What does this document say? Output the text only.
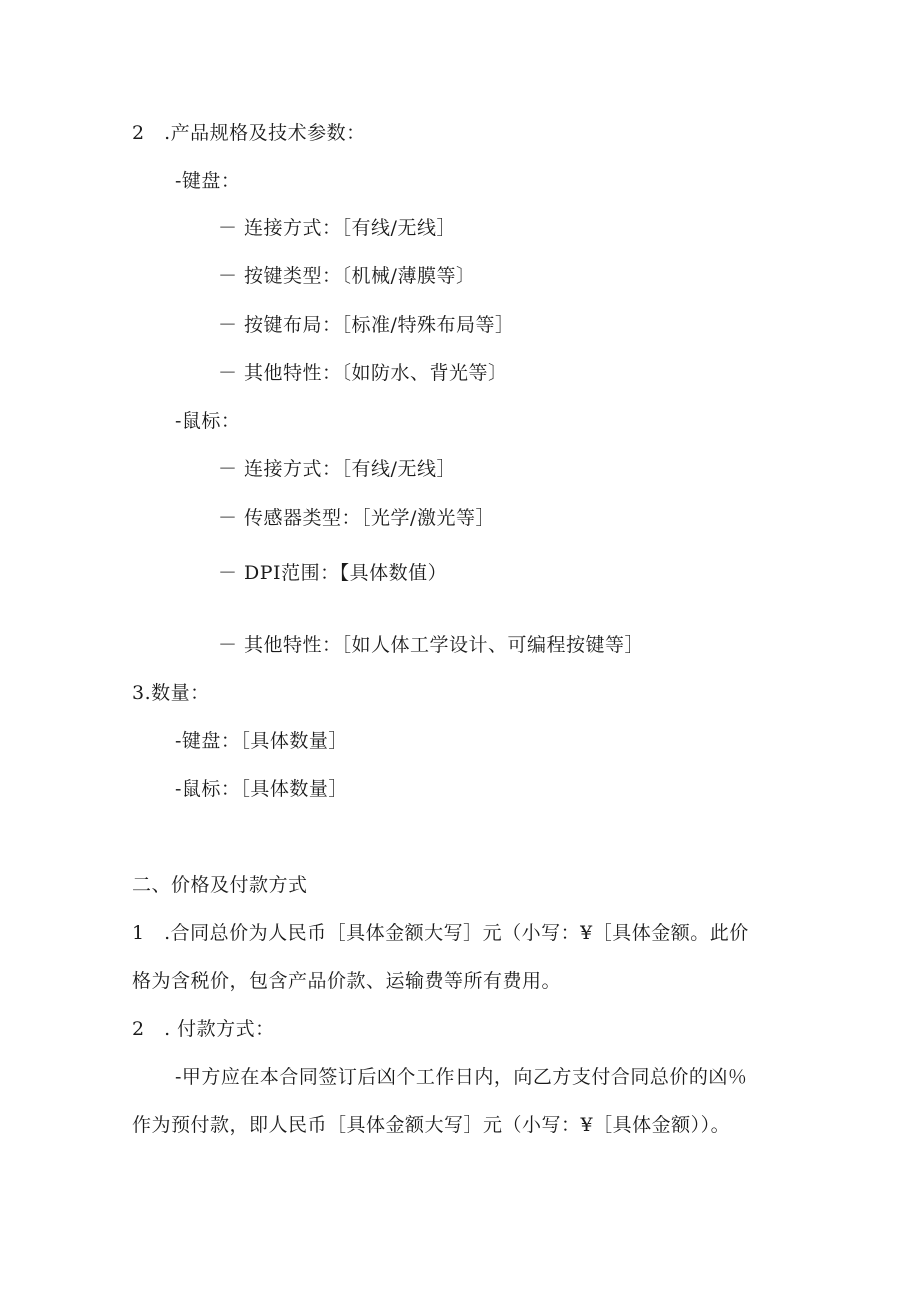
2　.产品规格及技术参数：
-键盘：
－ 连接方式：［有线/无线］
－ 按键类型：〔机械/薄膜等〕
－ 按键布局：［标准/特殊布局等］
－ 其他特性：〔如防水、背光等〕
-鼠标：
－ 连接方式：［有线/无线］
－ 传感器类型：［光学/激光等］
－ DPI范围：【具体数值）
－ 其他特性：［如人体工学设计、可编程按键等］
3.数量：
-键盘：［具体数量］
-鼠标：［具体数量］
二、价格及付款方式
1　.合同总价为人民币［具体金额大写］元（小写：¥［具体金额。此价
格为含税价，包含产品价款、运输费等所有费用。
2　. 付款方式：
-甲方应在本合同签订后凶个工作日内，向乙方支付合同总价的凶％
作为预付款，即人民币［具体金额大写］元（小写：¥［具体金额））。
